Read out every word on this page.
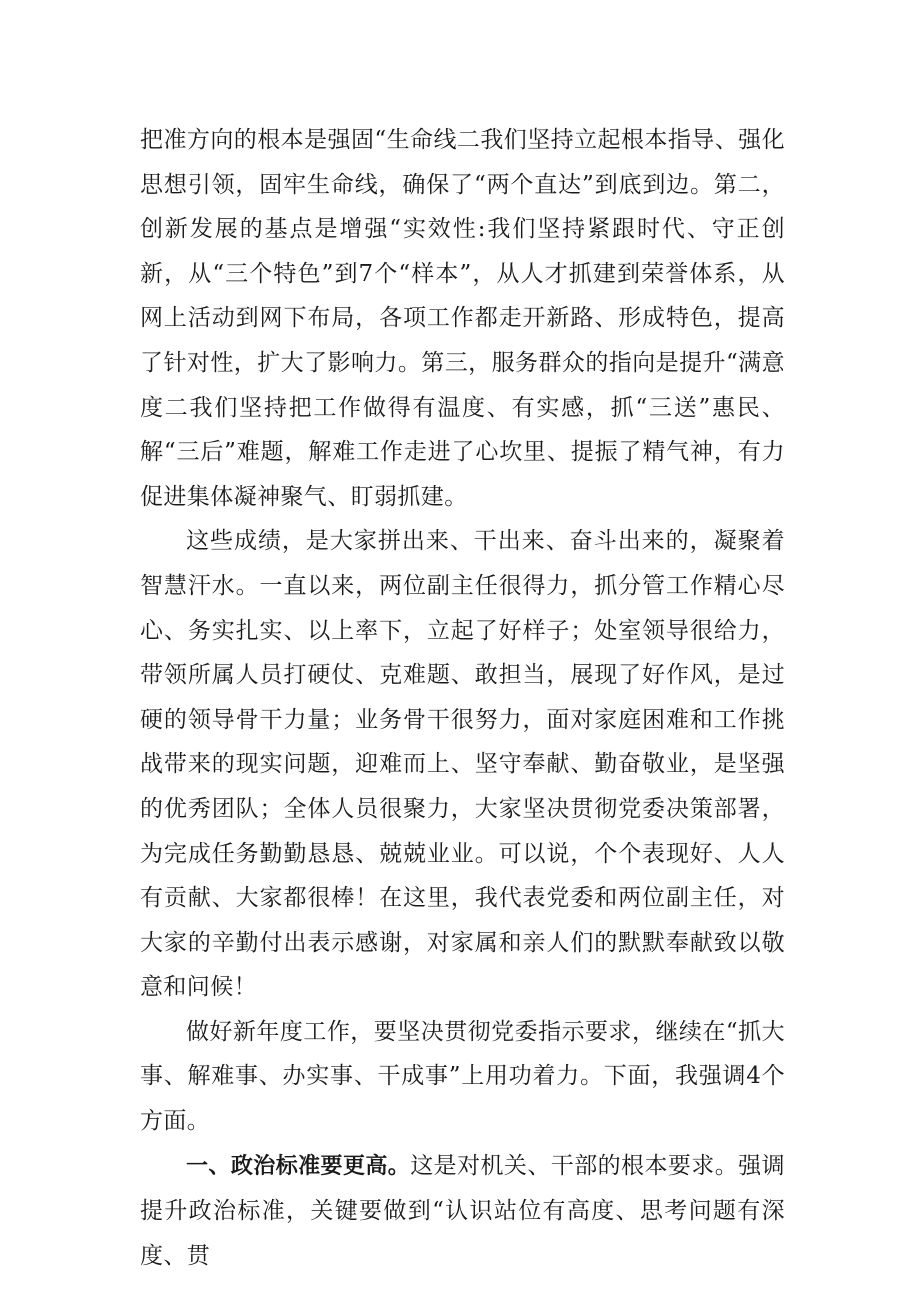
把准方向的根本是强固“生命线二我们坚持立起根本指导、强化思想引领，固牢生命线，确保了“两个直达”到底到边。第二，创新发展的基点是增强“实效性:我们坚持紧跟时代、守正创新，从“三个特色”到7个“样本”，从人才抓建到荣誉体系，从网上活动到网下布局，各项工作都走开新路、形成特色，提高了针对性，扩大了影响力。第三，服务群众的指向是提升“满意度二我们坚持把工作做得有温度、有实感，抓“三送”惠民、解“三后”难题，解难工作走进了心坎里、提振了精气神，有力促进集体凝神聚气、盯弱抓建。

这些成绩，是大家拼出来、干出来、奋斗出来的，凝聚着智慧汗水。一直以来，两位副主任很得力，抓分管工作精心尽心、务实扎实、以上率下，立起了好样子；处室领导很给力，带领所属人员打硬仗、克难题、敢担当，展现了好作风，是过硬的领导骨干力量；业务骨干很努力，面对家庭困难和工作挑战带来的现实问题，迎难而上、坚守奉献、勤奋敬业，是坚强的优秀团队；全体人员很聚力，大家坚决贯彻党委决策部署，为完成任务勤勤恳恳、兢兢业业。可以说，个个表现好、人人有贡献、大家都很棒！在这里，我代表党委和两位副主任，对大家的辛勤付出表示感谢，对家属和亲人们的默默奉献致以敬意和问候！

做好新年度工作，要坚决贯彻党委指示要求，继续在“抓大事、解难事、办实事、干成事”上用功着力。下面，我强调4个方面。

一、政治标准要更高。这是对机关、干部的根本要求。强调提升政治标准，关键要做到“认识站位有高度、思考问题有深度、贯
